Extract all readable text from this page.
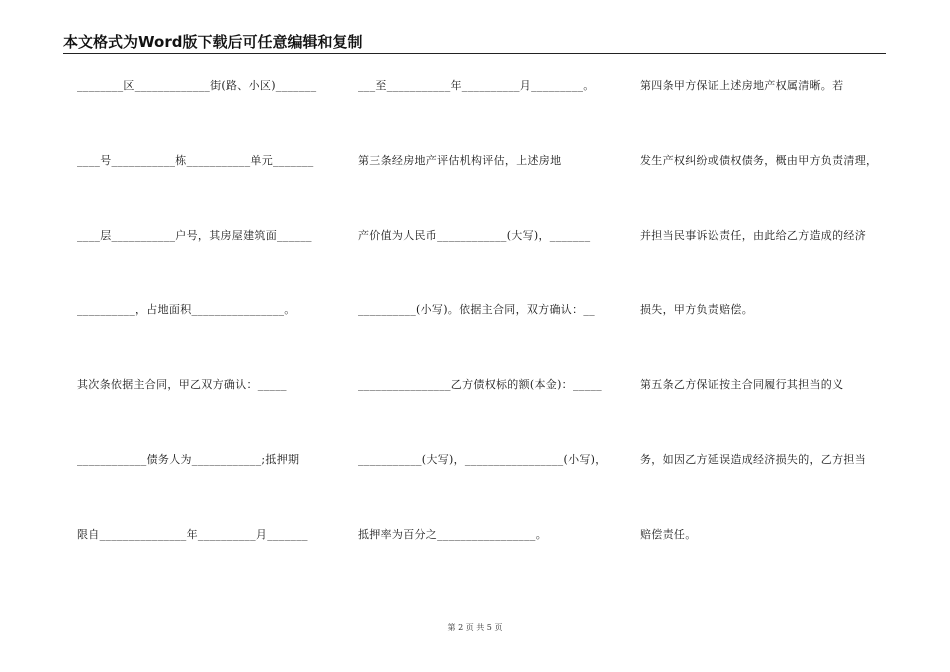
本文格式为Word版下载后可任意编辑和复制
________区_____________街(路、小区)_______
____号___________栋___________单元_______
____层___________户号，其房屋建筑面______
__________，占地面积________________。
其次条依据主合同，甲乙双方确认：_____
____________债务人为____________;抵押期
限自_______________年__________月_______
___至___________年__________月_________。
第三条经房地产评估机构评估，上述房地
产价值为人民币____________(大写)，_______
__________(小写)。依据主合同，双方确认：__
________________乙方债权标的额(本金)：_____
___________(大写)，_________________(小写)，
抵押率为百分之_________________。
第四条甲方保证上述房地产权属清晰。若
发生产权纠纷或债权债务，概由甲方负责清理，
并担当民事诉讼责任，由此给乙方造成的经济
损失，甲方负责赔偿。
第五条乙方保证按主合同履行其担当的义
务，如因乙方延误造成经济损失的，乙方担当
赔偿责任。
第 2 页 共 5 页
